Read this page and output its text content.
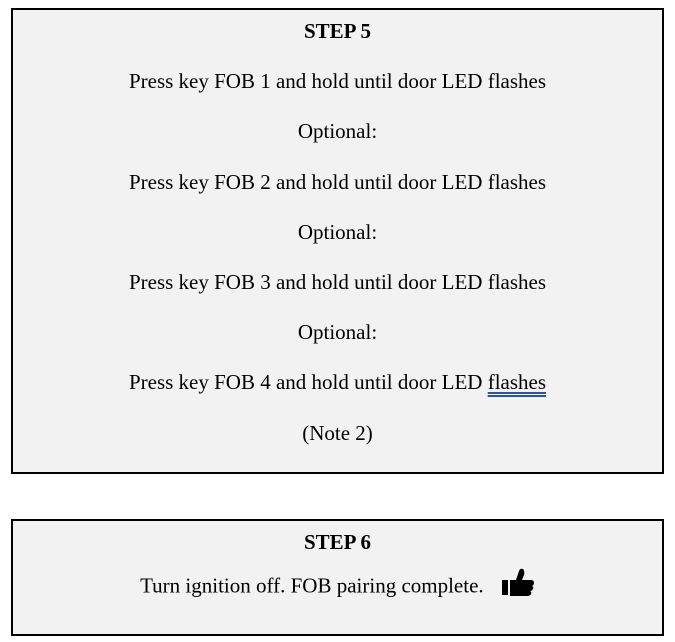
STEP 5
Press key FOB 1 and hold until door LED flashes
Optional:
Press key FOB 2 and hold until door LED flashes
Optional:
Press key FOB 3 and hold until door LED flashes
Optional:
Press key FOB 4 and hold until door LED flashes
(Note 2)
STEP 6
Turn ignition off. FOB pairing complete.
